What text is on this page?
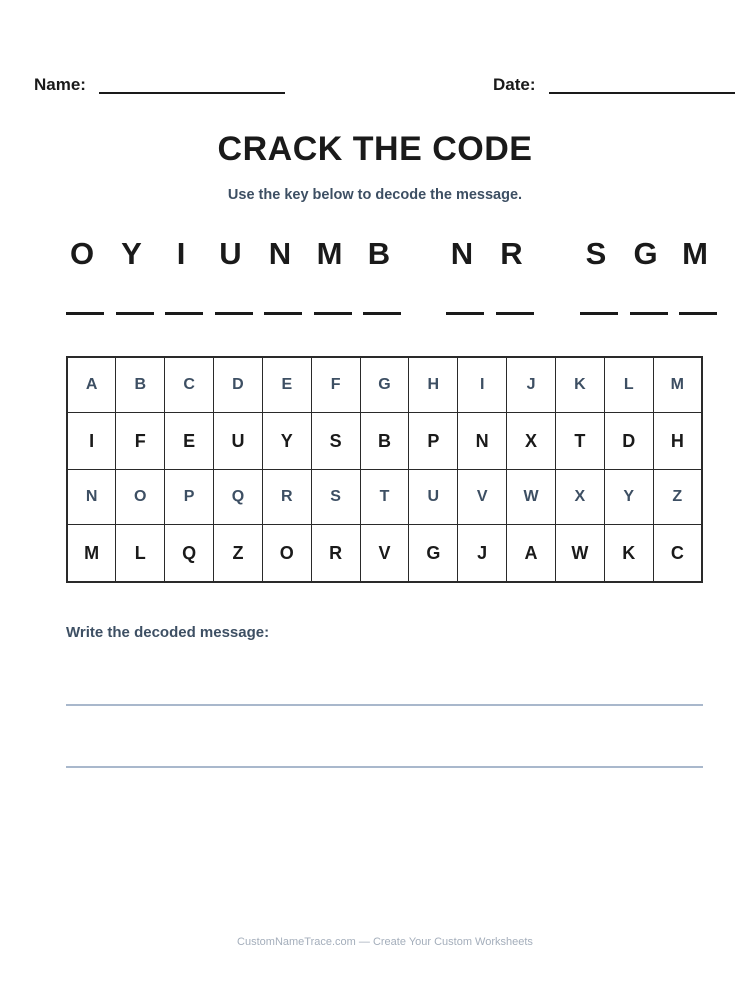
Name:	Date:
CRACK THE CODE
Use the key below to decode the message.
O Y	I	U N M B	N R	S G M
A	B	C	D	E	F	G	H	I	J	K	L	M
I	F	E	U	Y	S	B	P	N	X	T	D	H
N	O	P	Q	R	S	T	U	V	W	X	Y	Z
M	L	Q	Z	O	R	V	G	J	A	W	K	C
Write the decoded message:
CustomNameTrace.com — Create Your Custom Worksheets
